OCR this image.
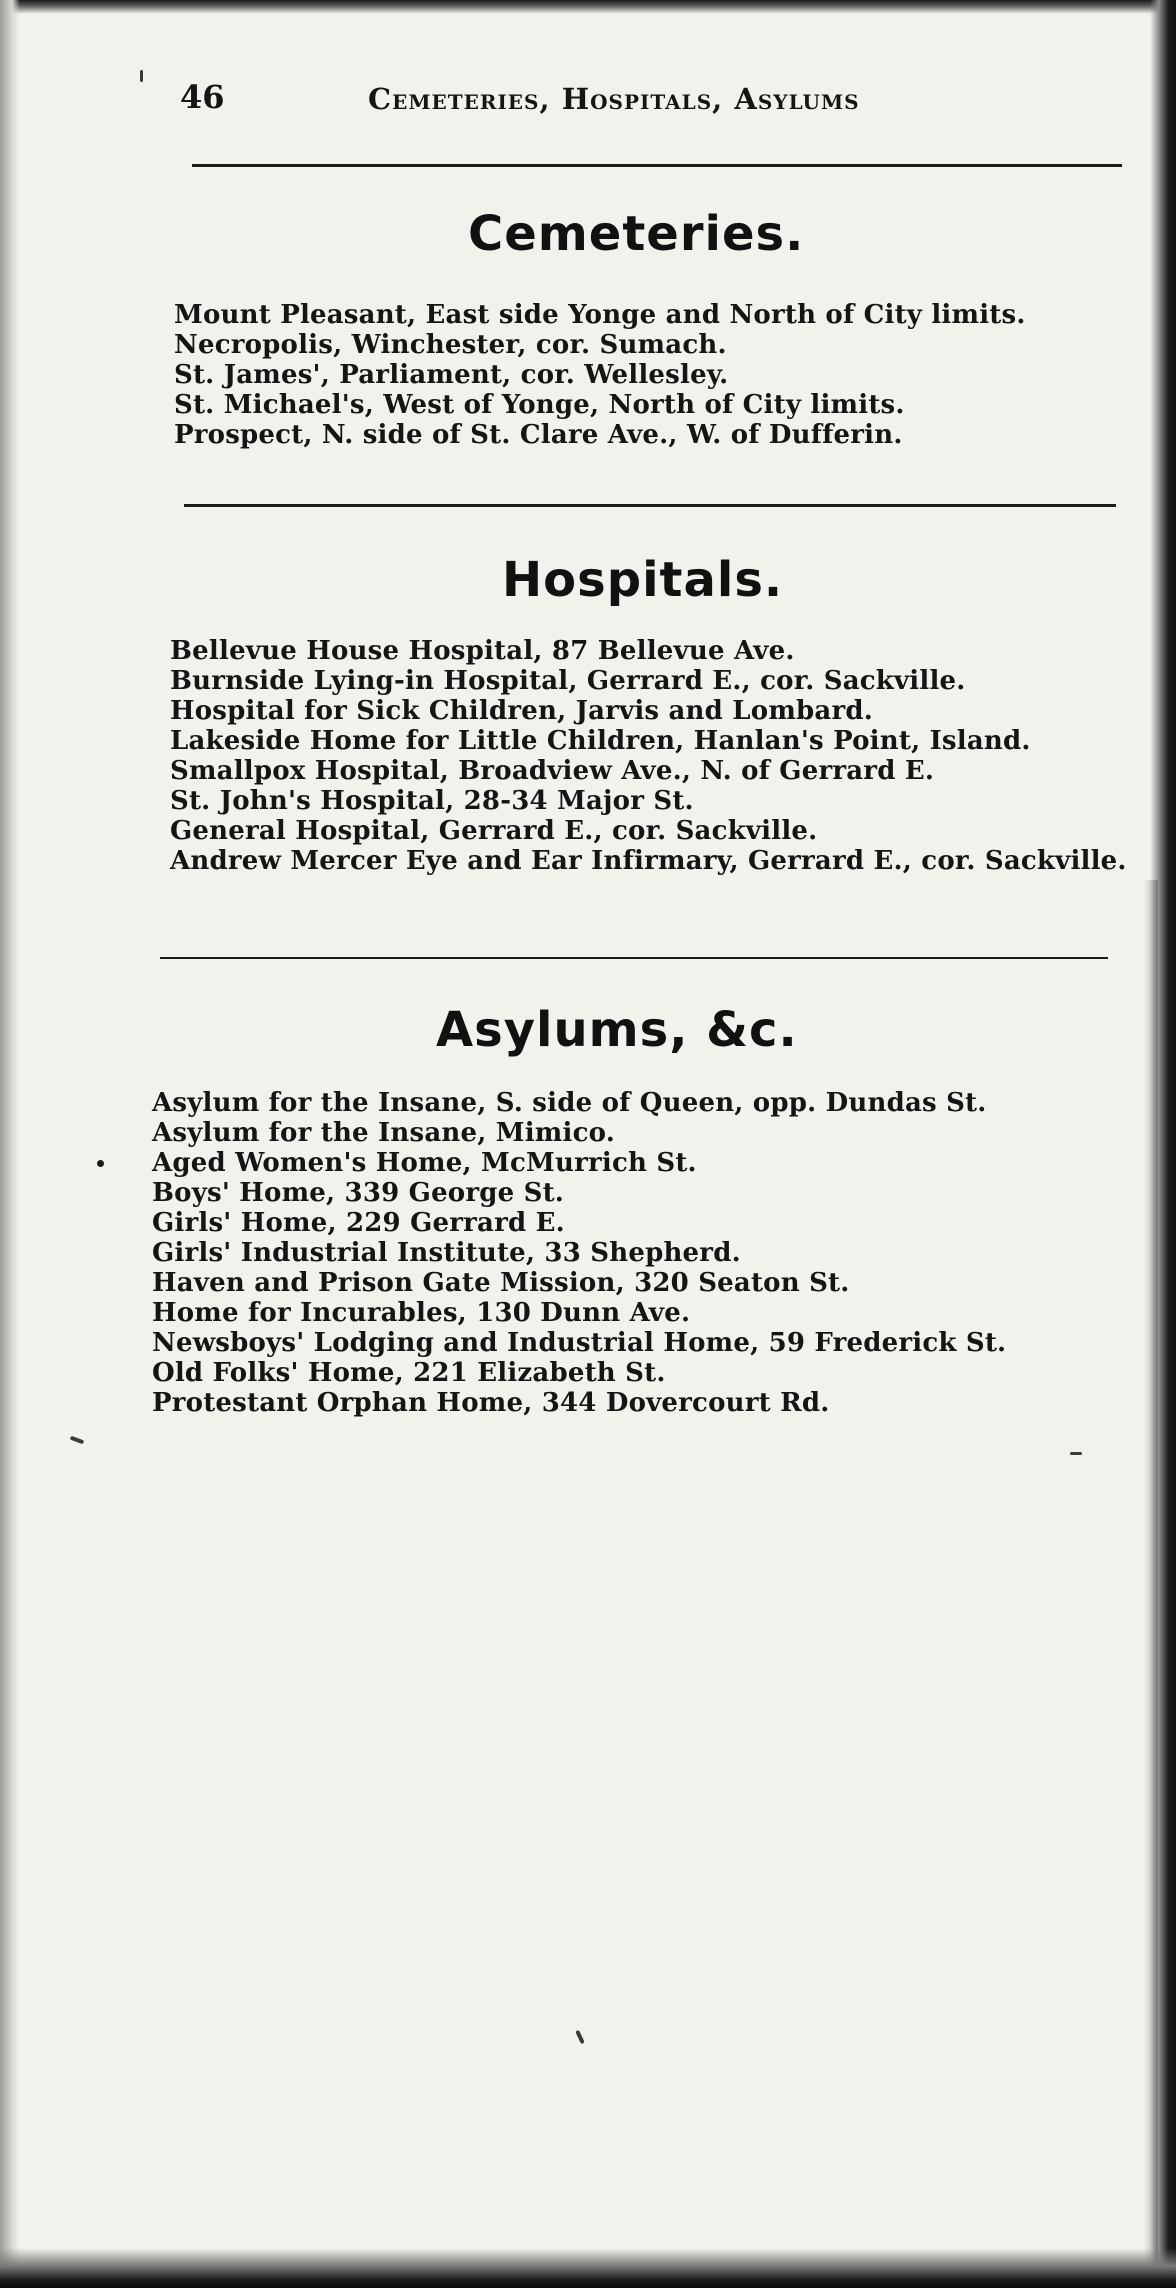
46	Cemeteries, Hospitals, Asylums
Cemeteries.
Mount Pleasant, East side Yonge and North of City limits.
Necropolis, Winchester, cor. Sumach.
St. James', Parliament, cor. Wellesley.
St. Michael's, West of Yonge, North of City limits.
Prospect, N. side of St. Clare Ave., W. of Dufferin.
Hospitals.
Bellevue House Hospital, 87 Bellevue Ave.
Burnside Lying-in Hospital, Gerrard E., cor. Sackville.
Hospital for Sick Children, Jarvis and Lombard.
Lakeside Home for Little Children, Hanlan's Point, Island.
Smallpox Hospital, Broadview Ave., N. of Gerrard E.
St. John's Hospital, 28-34 Major St.
General Hospital, Gerrard E., cor. Sackville.
Andrew Mercer Eye and Ear Infirmary, Gerrard E., cor. Sackville.
Asylums, &c.
Asylum for the Insane, S. side of Queen, opp. Dundas St.
Asylum for the Insane, Mimico.
Aged Women's Home, McMurrich St.
Boys' Home, 339 George St.
Girls' Home, 229 Gerrard E.
Girls' Industrial Institute, 33 Shepherd.
Haven and Prison Gate Mission, 320 Seaton St.
Home for Incurables, 130 Dunn Ave.
Newsboys' Lodging and Industrial Home, 59 Frederick St.
Old Folks' Home, 221 Elizabeth St.
Protestant Orphan Home, 344 Dovercourt Rd.
